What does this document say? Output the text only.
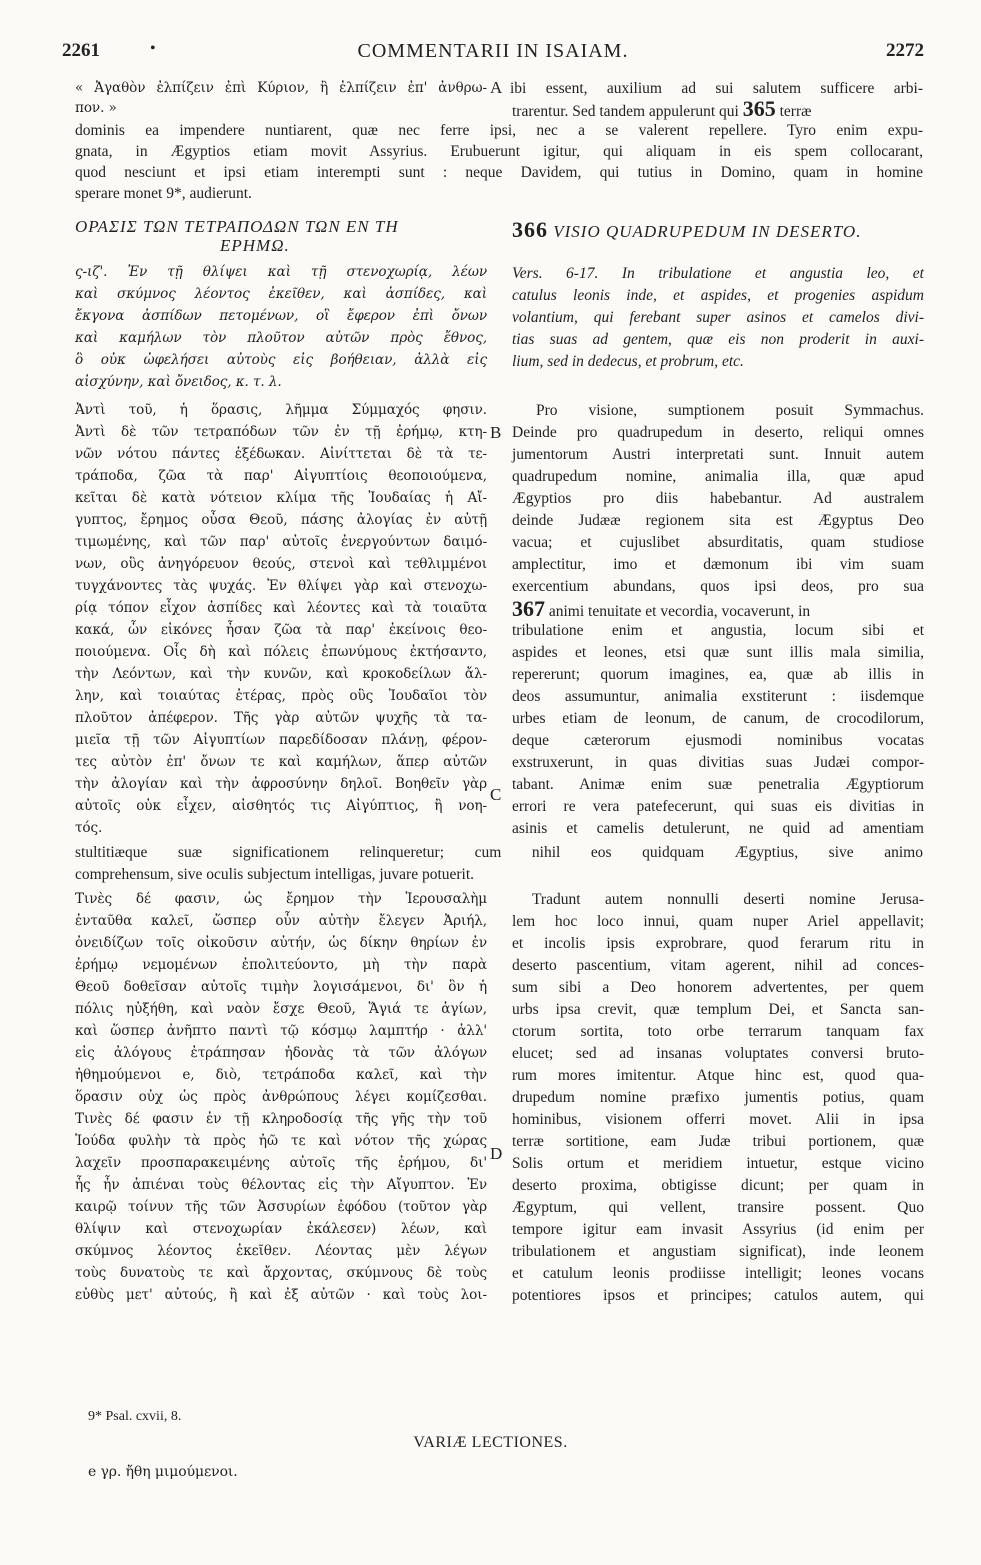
2261	•	COMMENTARII IN ISAIAM.	2272
« Ἀγαθὸν ἐλπίζειν ἐπὶ Κύριον, ἢ ἐλπίζειν ἐπ' ἀνθρω-
πον. »
A ibi essent, auxilium ad sui salutem sufficere arbi-
trarentur. Sed tandem appulerunt qui 365 terræ
dominis ea impendere nuntiarent, quæ nec ferre ipsi, nec a se valerent repellere. Tyro enim expu-
gnata, in Ægyptios etiam movit Assyrius. Erubuerunt igitur, qui aliquam in eis spem collocarant,
quod nesciunt et ipsi etiam interempti sunt : neque Davidem, qui tutius in Domino, quam in homine
sperare monet 9*, audierunt.
ΟΡΑΣΙΣ ΤΩΝ ΤΕΤΡΑΠΟΔΩΝ ΤΩΝ ΕΝ ΤΗ
ΕΡΗΜΩ.
366 VISIO QUADRUPEDUM IN DESERTO.
ς-ιζ'. Ἐν τῇ θλίψει καὶ τῇ στενοχωρίᾳ, λέων
καὶ σκύμνος λέοντος ἐκεῖθεν, καὶ ἀσπίδες, καὶ
ἔκγονα ἀσπίδων πετομένων, οἳ ἔφερον ἐπὶ ὄνων
καὶ καμήλων τὸν πλοῦτον αὐτῶν πρὸς ἔθνος,
ὃ οὐκ ὠφελήσει αὐτοὺς εἰς βοήθειαν, ἀλλὰ εἰς
αἰσχύνην, καὶ ὄνειδος, κ. τ. λ.
Vers. 6-17. In tribulatione et angustia leo, et
catulus leonis inde, et aspides, et progenies aspidum
volantium, qui ferebant super asinos et camelos divi-
tias suas ad gentem, quæ eis non proderit in auxi-
lium, sed in dedecus, et probrum, etc.
Ἀντὶ τοῦ, ἡ ὅρασις, λῆμμα Σύμμαχός φησιν.
Ἀντὶ δὲ τῶν τετραπόδων τῶν ἐν τῇ ἐρήμῳ, κτη-
νῶν νότου πάντες ἐξέδωκαν. Αἰνίττεται δὲ τὰ τε-
τράποδα, ζῶα τὰ παρ' Αἰγυπτίοις θεοποιούμενα,
κεῖται δὲ κατὰ νότειον κλίμα τῆς Ἰουδαίας ἡ Αἴ-
γυπτος, ἔρημος οὖσα Θεοῦ, πάσης ἀλογίας ἐν αὐτῇ
τιμωμένης, καὶ τῶν παρ' αὐτοῖς ἐνεργούντων δαιμό-
νων, οὓς ἀνηγόρευον θεούς, στενοὶ καὶ τεθλιμμένοι
τυγχάνοντες τὰς ψυχάς. Ἐν θλίψει γὰρ καὶ στενοχω-
ρίᾳ τόπον εἶχον ἀσπίδες καὶ λέοντες καὶ τὰ τοιαῦτα
κακά, ὧν εἰκόνες ἦσαν ζῶα τὰ παρ' ἐκείνοις θεο-
ποιούμενα. Οἷς δὴ καὶ πόλεις ἐπωνύμους ἐκτήσαντο,
τὴν Λεόντων, καὶ τὴν κυνῶν, καὶ κροκοδείλων ἄλ-
λην, καὶ τοιαύτας ἑτέρας, πρὸς οὓς Ἰουδαῖοι τὸν
πλοῦτον ἀπέφερον. Τῆς γὰρ αὐτῶν ψυχῆς τὰ τα-
μιεῖα τῇ τῶν Αἰγυπτίων παρεδίδοσαν πλάνῃ, φέρον-
τες αὐτὸν ἐπ' ὄνων τε καὶ καμήλων, ἅπερ αὐτῶν
τὴν ἀλογίαν καὶ τὴν ἀφροσύνην δηλοῖ. Βοηθεῖν γὰρ
αὐτοῖς οὐκ εἶχεν, αἰσθητός τις Αἰγύπτιος, ἢ νοη-
τός.
B
C
Pro visione, sumptionem posuit Symmachus.
Deinde pro quadrupedum in deserto, reliqui omnes
jumentorum Austri interpretati sunt. Innuit autem
quadrupedum nomine, animalia illa, quæ apud
Ægyptios pro diis habebantur. Ad australem
deinde Judææ regionem sita est Ægyptus Deo
vacua; et cujuslibet absurditatis, quam studiose
amplectitur, imo et dæmonum ibi vim suam
exercentium abundans, quos ipsi deos, pro sua
367 animi tenuitate et vecordia, vocaverunt, in
tribulatione enim et angustia, locum sibi et
aspides et leones, etsi quæ sunt illis mala similia,
repererunt; quorum imagines, ea, quæ ab illis in
deos assumuntur, animalia exstiterunt : iisdemque
urbes etiam de leonum, de canum, de crocodilorum,
deque cæterorum ejusmodi nominibus vocatas
exstruxerunt, in quas divitias suas Judæi compor-
tabant. Animæ enim suæ penetralia Ægyptiorum
errori re vera patefecerunt, qui suas eis divitias in
asinis et camelis detulerunt, ne quid ad amentiam
stultitiæque suæ significationem relinqueretur; cum nihil eos quidquam Ægyptius, sive animo
comprehensum, sive oculis subjectum intelligas, juvare potuerit.
Τινὲς δέ φασιν, ὡς ἔρημον τὴν Ἱερουσαλὴμ
ἐνταῦθα καλεῖ, ὥσπερ οὖν αὐτὴν ἔλεγεν Ἀριήλ,
ὀνειδίζων τοῖς οἰκοῦσιν αὐτήν, ὡς δίκην θηρίων ἐν
ἐρήμῳ νεμομένων ἐπολιτεύοντο, μὴ τὴν παρὰ
Θεοῦ δοθεῖσαν αὐτοῖς τιμὴν λογισάμενοι, δι' ὃν ἡ
πόλις ηὐξήθη, καὶ ναὸν ἔσχε Θεοῦ, Ἅγιά τε ἁγίων,
καὶ ὥσπερ ἀνῆπτο παντὶ τῷ κόσμῳ λαμπτήρ · ἀλλ'
εἰς ἀλόγους ἐτράπησαν ἡδονὰς τὰ τῶν ἀλόγων
ἠθημούμενοι e, διὸ, τετράποδα καλεῖ, καὶ τὴν
ὅρασιν οὐχ ὡς πρὸς ἀνθρώπους λέγει κομίζεσθαι.
Τινὲς δέ φασιν ἐν τῇ κληροδοσίᾳ τῆς γῆς τὴν τοῦ
Ἰούδα φυλὴν τὰ πρὸς ἠῶ τε καὶ νότον τῆς χώρας
λαχεῖν προσπαρακειμένης αὐτοῖς τῆς ἐρήμου, δι'
ἧς ἦν ἀπιέναι τοὺς θέλοντας εἰς τὴν Αἴγυπτον. Ἐν
καιρῷ τοίνυν τῆς τῶν Ἀσσυρίων ἐφόδου (τοῦτον γὰρ
θλίψιν καὶ στενοχωρίαν ἐκάλεσεν) λέων, καὶ
σκύμνος λέοντος ἐκεῖθεν. Λέοντας μὲν λέγων
τοὺς δυνατοὺς τε καὶ ἄρχοντας, σκύμνους δὲ τοὺς
εὐθὺς μετ' αὐτούς, ἢ καὶ ἐξ αὐτῶν · καὶ τοὺς λοι-
D
Tradunt autem nonnulli deserti nomine Jerusa-
lem hoc loco innui, quam nuper Ariel appellavit;
et incolis ipsis exprobrare, quod ferarum ritu in
deserto pascentium, vitam agerent, nihil ad conces-
sum sibi a Deo honorem advertentes, per quem
urbs ipsa crevit, quæ templum Dei, et Sancta san-
ctorum sortita, toto orbe terrarum tanquam fax
elucet; sed ad insanas voluptates conversi bruto-
rum mores imitentur. Atque hinc est, quod qua-
drupedum nomine præfixo jumentis potius, quam
hominibus, visionem offerri movet. Alii in ipsa
terræ sortitione, eam Judæ tribui portionem, quæ
Solis ortum et meridiem intuetur, estque vicino
deserto proxima, obtigisse dicunt; per quam in
Ægyptum, qui vellent, transire possent. Quo
tempore igitur eam invasit Assyrius (id enim per
tribulationem et angustiam significat), inde leonem
et catulum leonis prodiisse intelligit; leones vocans
potentiores ipsos et principes; catulos autem, qui
9* Psal. cxvii, 8.
VARIÆ LECTIONES.
e γρ. ἤθη μιμούμενοι.
